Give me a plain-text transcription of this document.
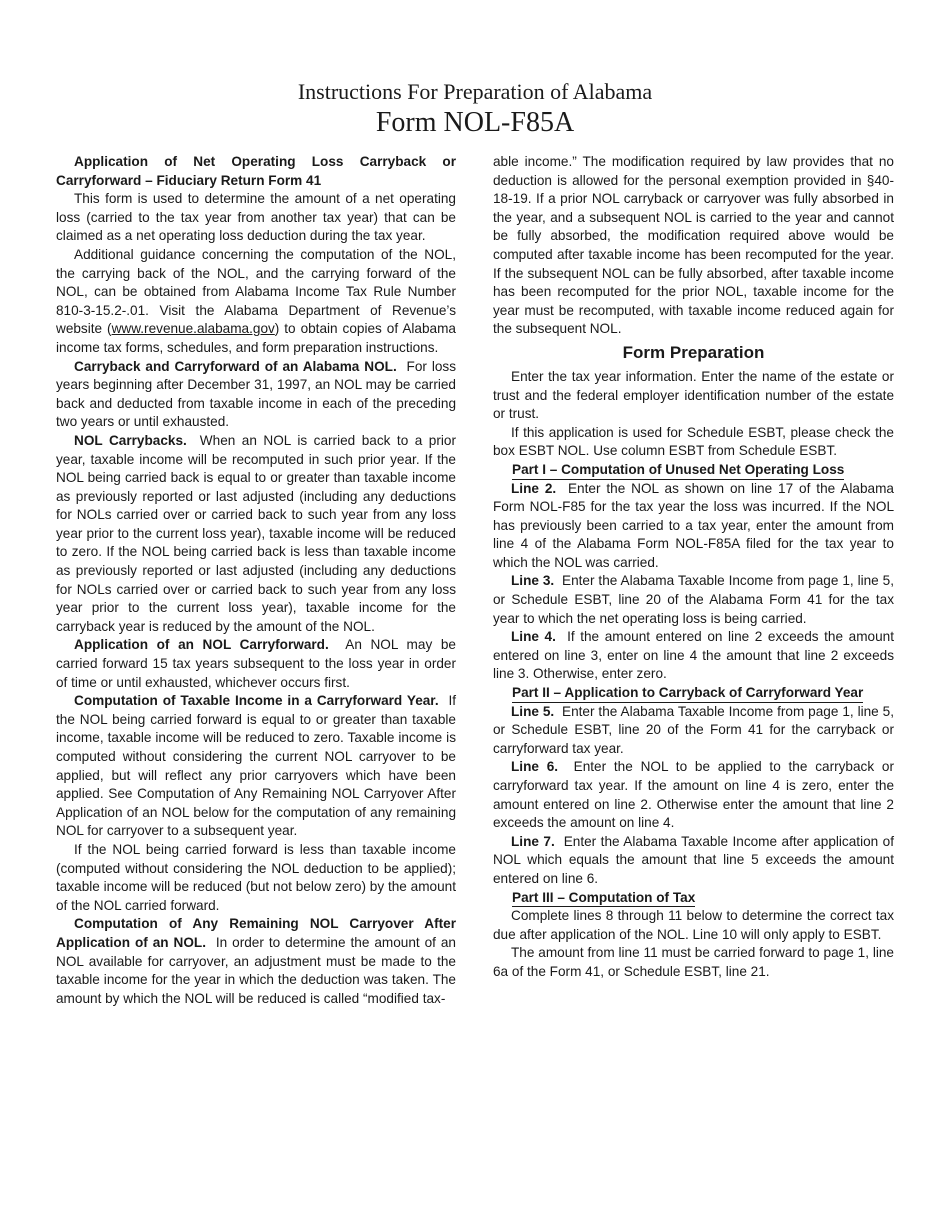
Instructions For Preparation of Alabama
Form NOL-F85A

Application of Net Operating Loss Carryback or Carryforward – Fiduciary Return Form 41

This form is used to determine the amount of a net operating loss (carried to the tax year from another tax year) that can be claimed as a net operating loss deduction during the tax year.

Additional guidance concerning the computation of the NOL, the carrying back of the NOL, and the carrying forward of the NOL, can be obtained from Alabama Income Tax Rule Number 810-3-15.2-.01. Visit the Alabama Department of Revenue’s website (www.revenue.alabama.gov) to obtain copies of Alabama income tax forms, schedules, and form preparation instructions.

Carryback and Carryforward of an Alabama NOL. For loss years beginning after December 31, 1997, an NOL may be carried back and deducted from taxable income in each of the preceding two years or until exhausted.

NOL Carrybacks. When an NOL is carried back to a prior year, taxable income will be recomputed in such prior year. If the NOL being carried back is equal to or greater than taxable income as previously reported or last adjusted (including any deductions for NOLs carried over or carried back to such year from any loss year prior to the current loss year), taxable income will be reduced to zero. If the NOL being carried back is less than taxable income as previously reported or last adjusted (including any deductions for NOLs carried over or carried back to such year from any loss year prior to the current loss year), taxable income for the carryback year is reduced by the amount of the NOL.

Application of an NOL Carryforward. An NOL may be carried forward 15 tax years subsequent to the loss year in order of time or until exhausted, whichever occurs first.

Computation of Taxable Income in a Carryforward Year. If the NOL being carried forward is equal to or greater than taxable income, taxable income will be reduced to zero. Taxable income is computed without considering the current NOL carryover to be applied, but will reflect any prior carryovers which have been applied. See Computation of Any Remaining NOL Carryover After Application of an NOL below for the computation of any remaining NOL for carryover to a subsequent year.

If the NOL being carried forward is less than taxable income (computed without considering the NOL deduction to be applied); taxable income will be reduced (but not below zero) by the amount of the NOL carried forward.

Computation of Any Remaining NOL Carryover After Application of an NOL. In order to determine the amount of an NOL available for carryover, an adjustment must be made to the taxable income for the year in which the deduction was taken. The amount by which the NOL will be reduced is called “modified tax-

able income.” The modification required by law provides that no deduction is allowed for the personal exemption provided in §40-18-19. If a prior NOL carryback or carryover was fully absorbed in the year, and a subsequent NOL is carried to the year and cannot be fully absorbed, the modification required above would be computed after taxable income has been recomputed for the year. If the subsequent NOL can be fully absorbed, after taxable income has been recomputed for the prior NOL, taxable income for the year must be recomputed, with taxable income reduced again for the subsequent NOL.

Form Preparation

Enter the tax year information. Enter the name of the estate or trust and the federal employer identification number of the estate or trust.

If this application is used for Schedule ESBT, please check the box ESBT NOL. Use column ESBT from Schedule ESBT.

Part I – Computation of Unused Net Operating Loss

Line 2. Enter the NOL as shown on line 17 of the Alabama Form NOL-F85 for the tax year the loss was incurred. If the NOL has previously been carried to a tax year, enter the amount from line 4 of the Alabama Form NOL-F85A filed for the tax year to which the NOL was carried.

Line 3. Enter the Alabama Taxable Income from page 1, line 5, or Schedule ESBT, line 20 of the Alabama Form 41 for the tax year to which the net operating loss is being carried.

Line 4. If the amount entered on line 2 exceeds the amount entered on line 3, enter on line 4 the amount that line 2 exceeds line 3. Otherwise, enter zero.

Part II – Application to Carryback of Carryforward Year

Line 5. Enter the Alabama Taxable Income from page 1, line 5, or Schedule ESBT, line 20 of the Form 41 for the carryback or carryforward tax year.

Line 6. Enter the NOL to be applied to the carryback or carryforward tax year. If the amount on line 4 is zero, enter the amount entered on line 2. Otherwise enter the amount that line 2 exceeds the amount on line 4.

Line 7. Enter the Alabama Taxable Income after application of NOL which equals the amount that line 5 exceeds the amount entered on line 6.

Part III – Computation of Tax

Complete lines 8 through 11 below to determine the correct tax due after application of the NOL. Line 10 will only apply to ESBT.

The amount from line 11 must be carried forward to page 1, line 6a of the Form 41, or Schedule ESBT, line 21.
